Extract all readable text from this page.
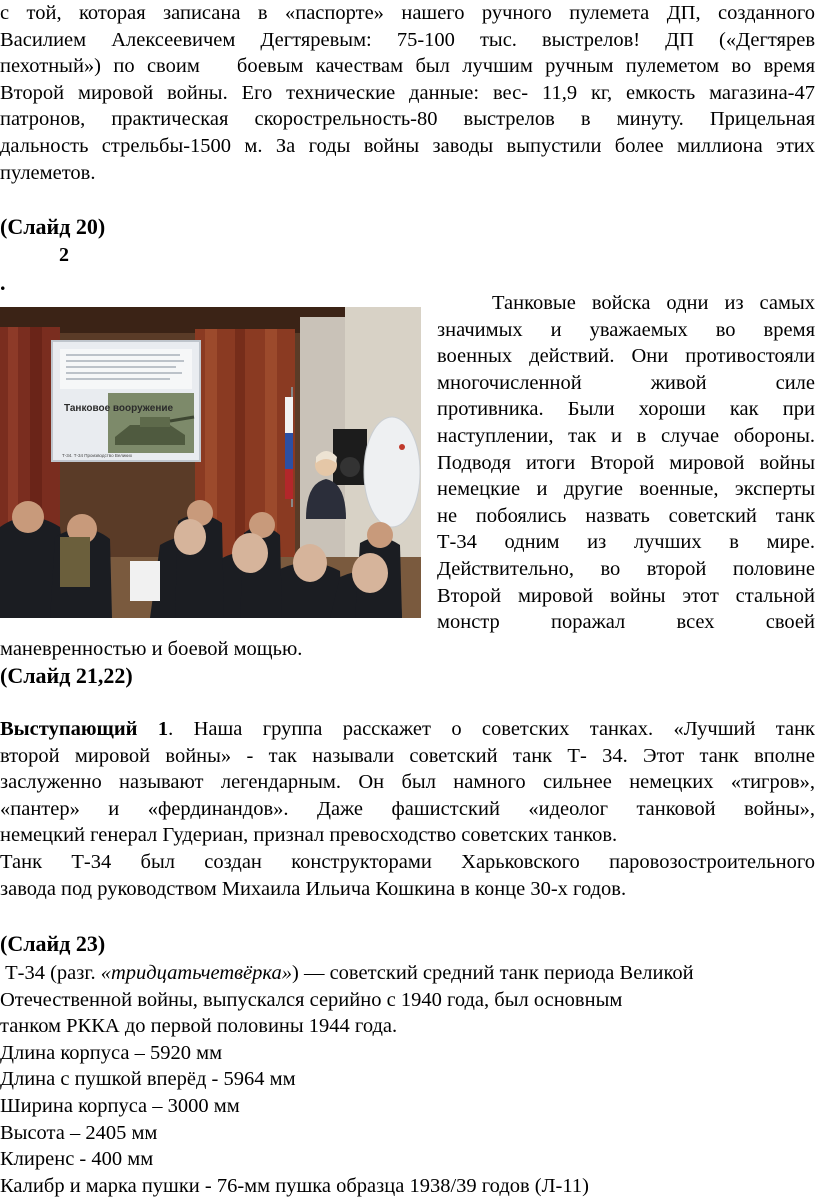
с той, которая записана в «паспорте» нашего ручного пулемета ДП, созданного
Василием Алексеевичем Дегтяревым: 75-100 тыс. выстрелов! ДП («Дегтярев
пехотный») по своим   боевым качествам был лучшим ручным пулеметом во время
Второй мировой войны. Его технические данные: вес- 11,9 кг, емкость магазина-47
патронов, практическая скорострельность-80 выстрелов в минуту. Прицельная
дальность стрельбы-1500 м. За годы войны заводы выпустили более миллиона этих
пулеметов.
(Слайд 20)
2
.
Танковое вооружение
Т-34. Т-34 Производство Великих
Танковые войска одни из самых
значимых и уважаемых во время
военных действий. Они противостояли
многочисленной живой силе
противника. Были хороши как при
наступлении, так и в случае обороны.
Подводя итоги Второй мировой войны
немецкие и другие военные, эксперты
не побоялись назвать советский танк
Т-34 одним из лучших в мире.
Действительно, во второй половине
Второй мировой войны этот стальной
монстр поражал всех своей
маневренностью и боевой мощью.
(Слайд 21,22)
Выступающий 1. Наша группа расскажет о советских танках. «Лучший танк
второй мировой войны» - так называли советский танк Т- 34. Этот танк вполне
заслуженно называют легендарным. Он был намного сильнее немецких «тигров»,
«пантер» и «фердинандов». Даже фашистский «идеолог танковой войны»,
немецкий генерал Гудериан, признал превосходство советских танков.
Танк Т-34 был создан конструкторами Харьковского паровозостроительного
завода под руководством Михаила Ильича Кошкина в конце 30-х годов.
(Слайд 23)
Т-34 (разг. «тридцатьчетвёрка») — советский средний танк периода Великой
Отечественной войны, выпускался серийно с 1940 года, был основным
танком РККА до первой половины 1944 года.
Длина корпуса – 5920 мм
Длина с пушкой вперёд - 5964 мм
Ширина корпуса – 3000 мм
Высота – 2405 мм
Клиренс - 400 мм
Калибр и марка пушки - 76-мм пушка образца 1938/39 годов (Л-11)
